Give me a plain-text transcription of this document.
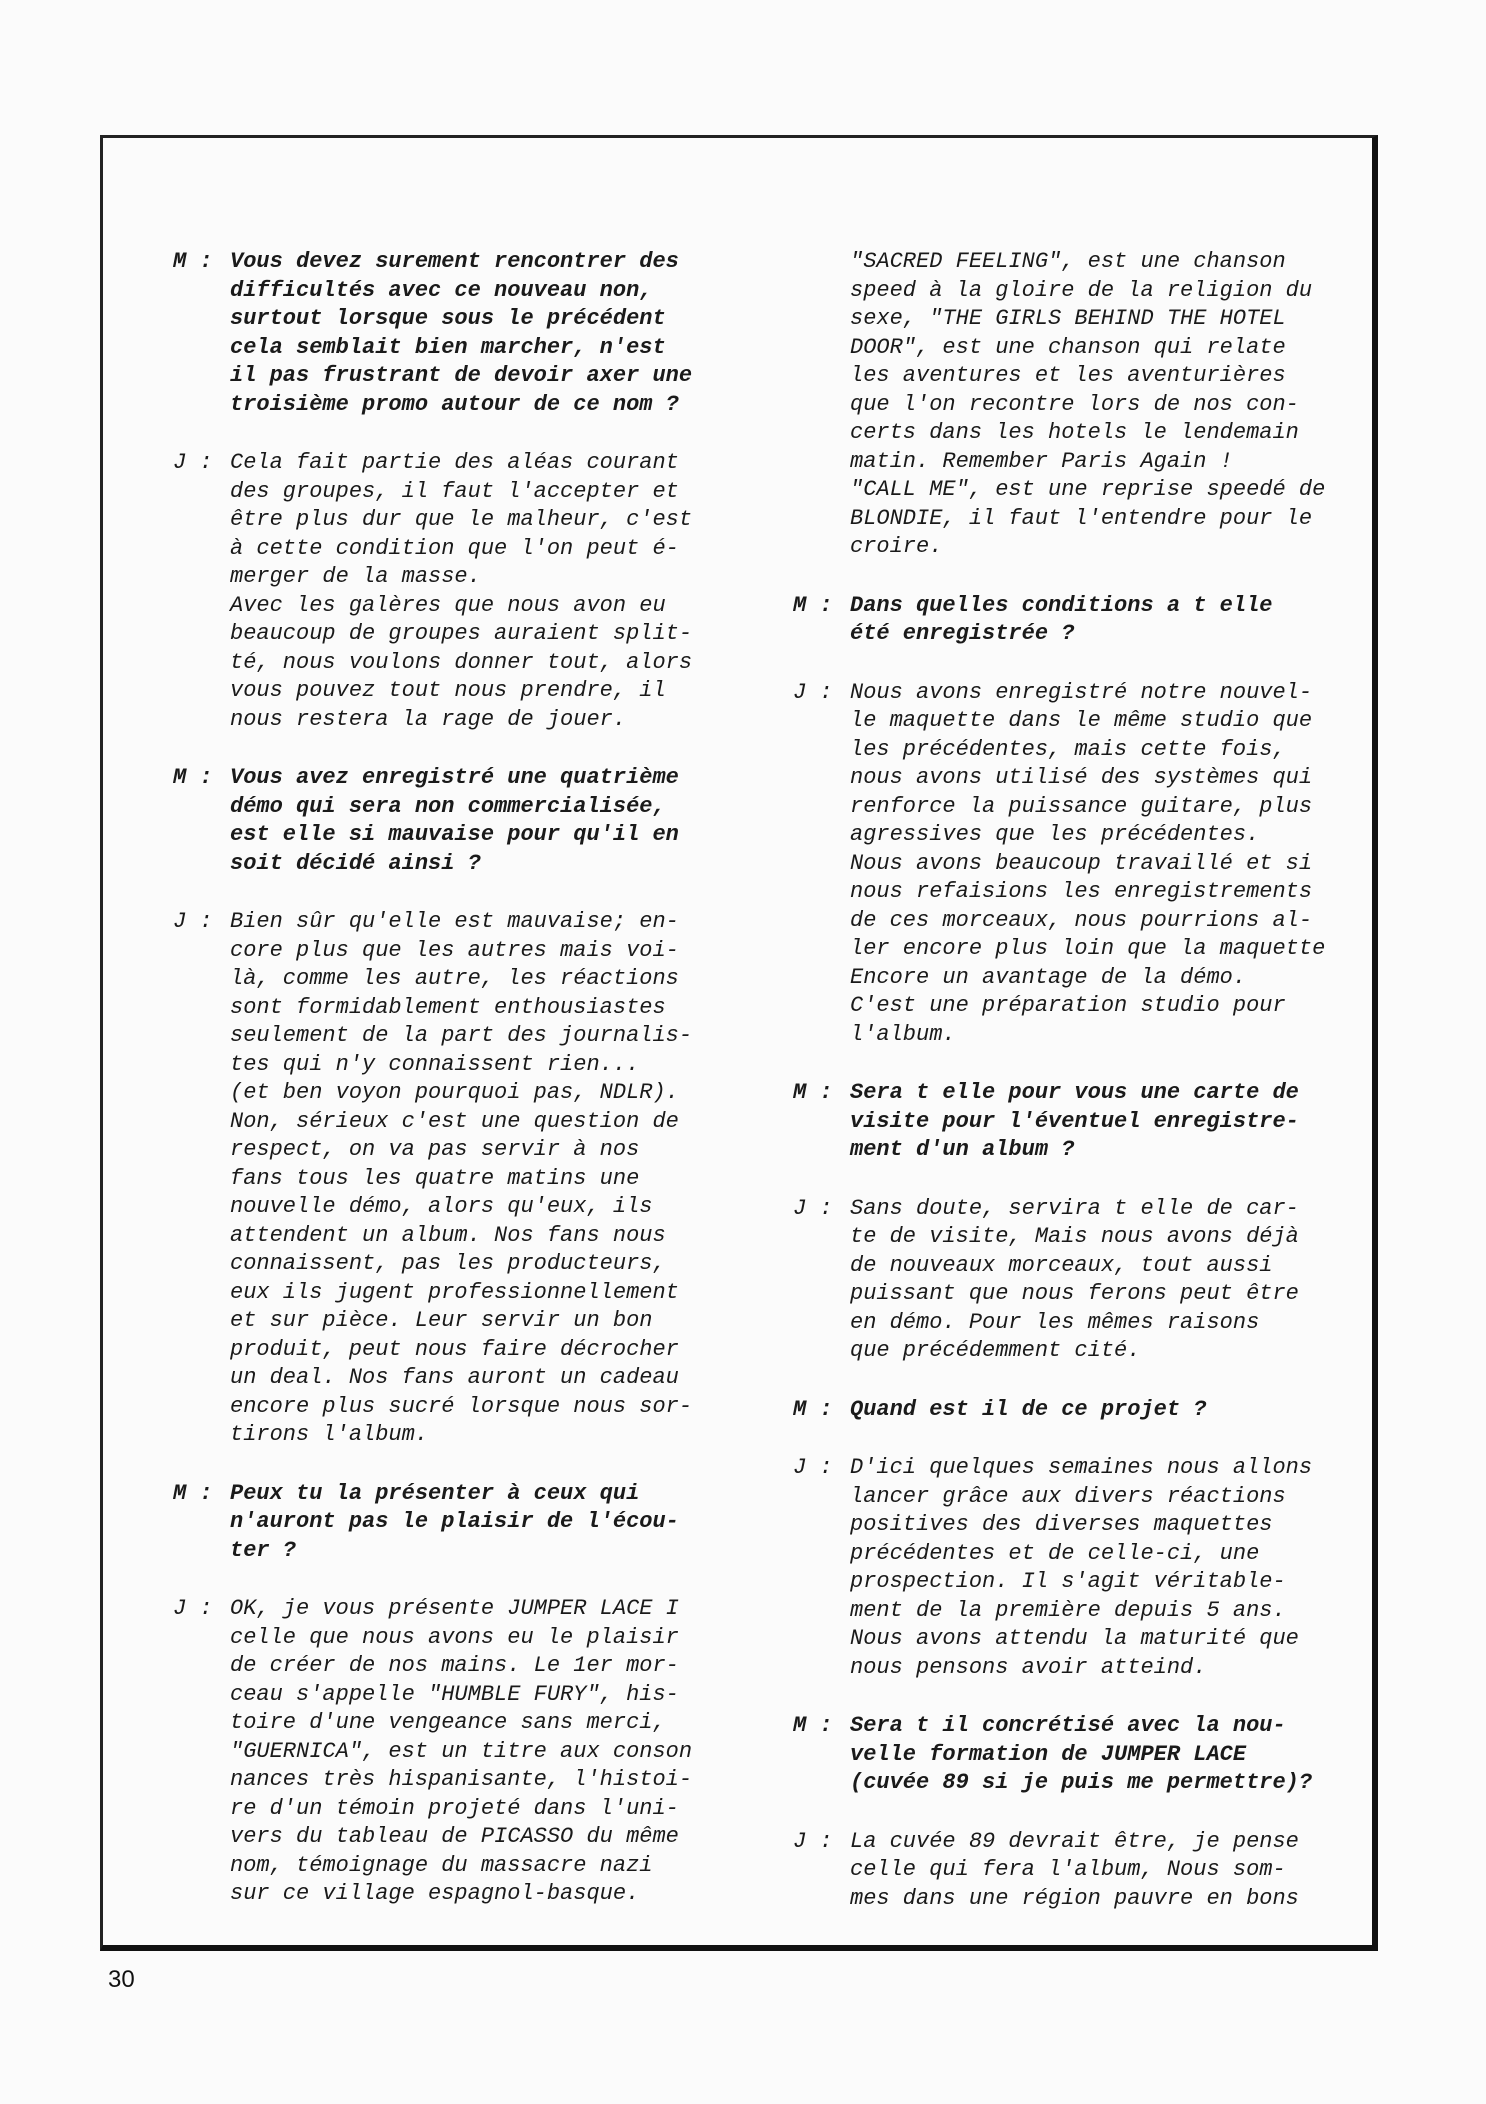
M : Vous devez surement rencontrer des
difficultés avec ce nouveau non,
surtout lorsque sous le précédent
cela semblait bien marcher, n'est
il pas frustrant de devoir axer une
troisième promo autour de ce nom ?
J : Cela fait partie des aléas courant
des groupes, il faut l'accepter et
être plus dur que le malheur, c'est
à cette condition que l'on peut é-
merger de la masse.
Avec les galères que nous avon eu
beaucoup de groupes auraient split-
té, nous voulons donner tout, alors
vous pouvez tout nous prendre, il
nous restera la rage de jouer.
M : Vous avez enregistré une quatrième
démo qui sera non commercialisée,
est elle si mauvaise pour qu'il en
soit décidé ainsi ?
J : Bien sûr qu'elle est mauvaise; en-
core plus que les autres mais voi-
là, comme les autre, les réactions
sont formidablement enthousiastes
seulement de la part des journalis-
tes qui n'y connaissent rien...
(et ben voyon pourquoi pas, NDLR).
Non, sérieux c'est une question de
respect, on va pas servir à nos
fans tous les quatre matins une
nouvelle démo, alors qu'eux, ils
attendent un album. Nos fans nous
connaissent, pas les producteurs,
eux ils jugent professionnellement
et sur pièce. Leur servir un bon
produit, peut nous faire décrocher
un deal. Nos fans auront un cadeau
encore plus sucré lorsque nous sor-
tirons l'album.
M : Peux tu la présenter à ceux qui
n'auront pas le plaisir de l'écou-
ter ?
J : OK, je vous présente JUMPER LACE I
celle que nous avons eu le plaisir
de créer de nos mains. Le 1er mor-
ceau s'appelle "HUMBLE FURY", his-
toire d'une vengeance sans merci,
"GUERNICA", est un titre aux conson
nances très hispanisante, l'histoi-
re d'un témoin projeté dans l'uni-
vers du tableau de PICASSO du même
nom, témoignage du massacre nazi
sur ce village espagnol-basque.
"SACRED FEELING", est une chanson
speed à la gloire de la religion du
sexe, "THE GIRLS BEHIND THE HOTEL
DOOR", est une chanson qui relate
les aventures et les aventurières
que l'on recontre lors de nos con-
certs dans les hotels le lendemain
matin. Remember Paris Again !
"CALL ME", est une reprise speedé de
BLONDIE, il faut l'entendre pour le
croire.
M : Dans quelles conditions a t elle
été enregistrée ?
J : Nous avons enregistré notre nouvel-
le maquette dans le même studio que
les précédentes, mais cette fois,
nous avons utilisé des systèmes qui
renforce la puissance guitare, plus
agressives que les précédentes.
Nous avons beaucoup travaillé et si
nous refaisions les enregistrements
de ces morceaux, nous pourrions al-
ler encore plus loin que la maquette
Encore un avantage de la démo.
C'est une préparation studio pour
l'album.
M : Sera t elle pour vous une carte de
visite pour l'éventuel enregistre-
ment d'un album ?
J : Sans doute, servira t elle de car-
te de visite, Mais nous avons déjà
de nouveaux morceaux, tout aussi
puissant que nous ferons peut être
en démo. Pour les mêmes raisons
que précédemment cité.
M : Quand est il de ce projet ?
J : D'ici quelques semaines nous allons
lancer grâce aux divers réactions
positives des diverses maquettes
précédentes et de celle-ci, une
prospection. Il s'agit véritable-
ment de la première depuis 5 ans.
Nous avons attendu la maturité que
nous pensons avoir atteind.
M : Sera t il concrétisé avec la nou-
velle formation de JUMPER LACE
(cuvée 89 si je puis me permettre)?
J : La cuvée 89 devrait être, je pense
celle qui fera l'album, Nous som-
mes dans une région pauvre en bons
30
